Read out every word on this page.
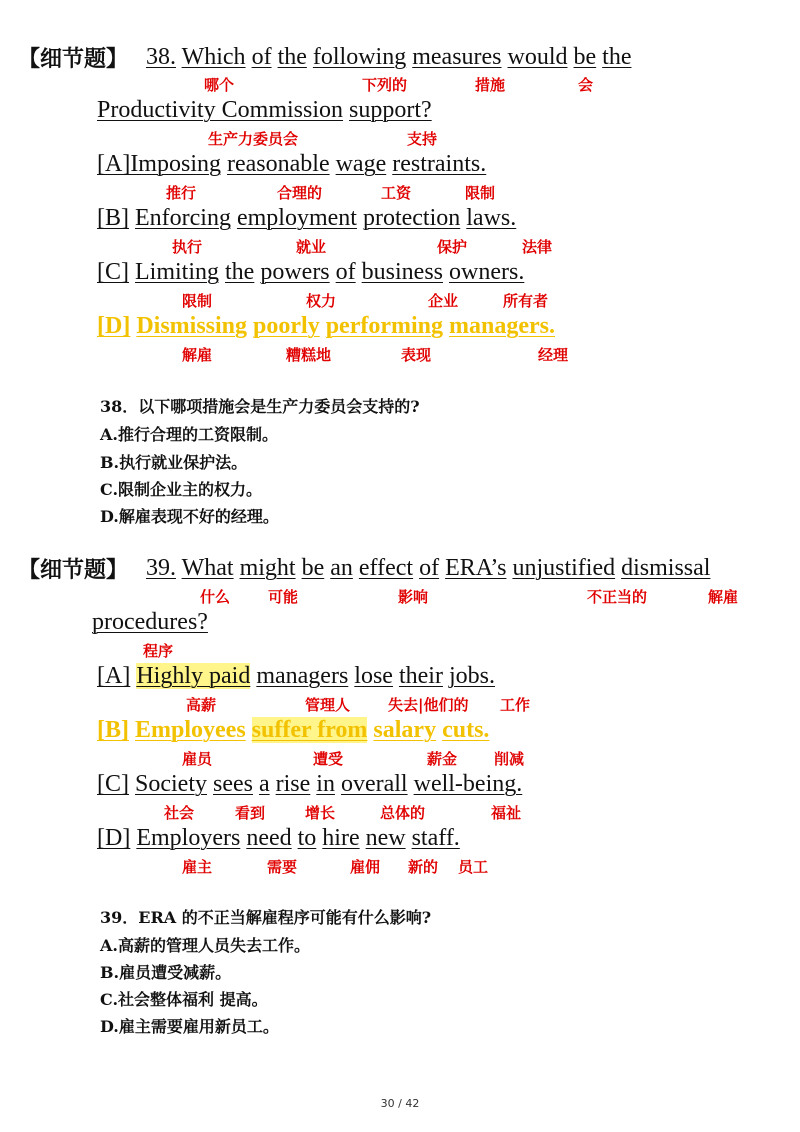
【细节题】 38. Which of the following measures would be the
哪个	下列的	措施	会
Productivity Commission support?
生产力委员会	支持
[A]Imposing reasonable wage restraints.
推行	合理的	工资	限制
[B] Enforcing employment protection laws.
执行	就业	保护	法律
[C] Limiting the powers of business owners.
限制	权力	企业	所有者
[D] Dismissing poorly performing managers.
解雇	糟糕地	表现	经理
38．以下哪项措施会是生产力委员会支持的?
A.推行合理的工资限制。
B.执行就业保护法。
C.限制企业主的权力。
D.解雇表现不好的经理。
【细节题】 39. What might be an effect of ERA’s unjustified dismissal
什么	可能	影响	不正当的	解雇
procedures?
程序
[A] Highly paid managers lose their jobs.
高薪	管理人	失去|他们的 工作
[B] Employees suffer from salary cuts.
雇员	遭受	薪金 削减
[C] Society sees a rise in overall well-being.
社会	看到	增长	总体的	福祉
[D] Employers need to hire new staff.
雇主	需要	雇佣 新的 员工
39．ERA 的不正当解雇程序可能有什么影响?
A.高薪的管理人员失去工作。
B.雇员遭受减薪。
C.社会整体福利 提高。
D.雇主需要雇用新员工。
30 / 42
